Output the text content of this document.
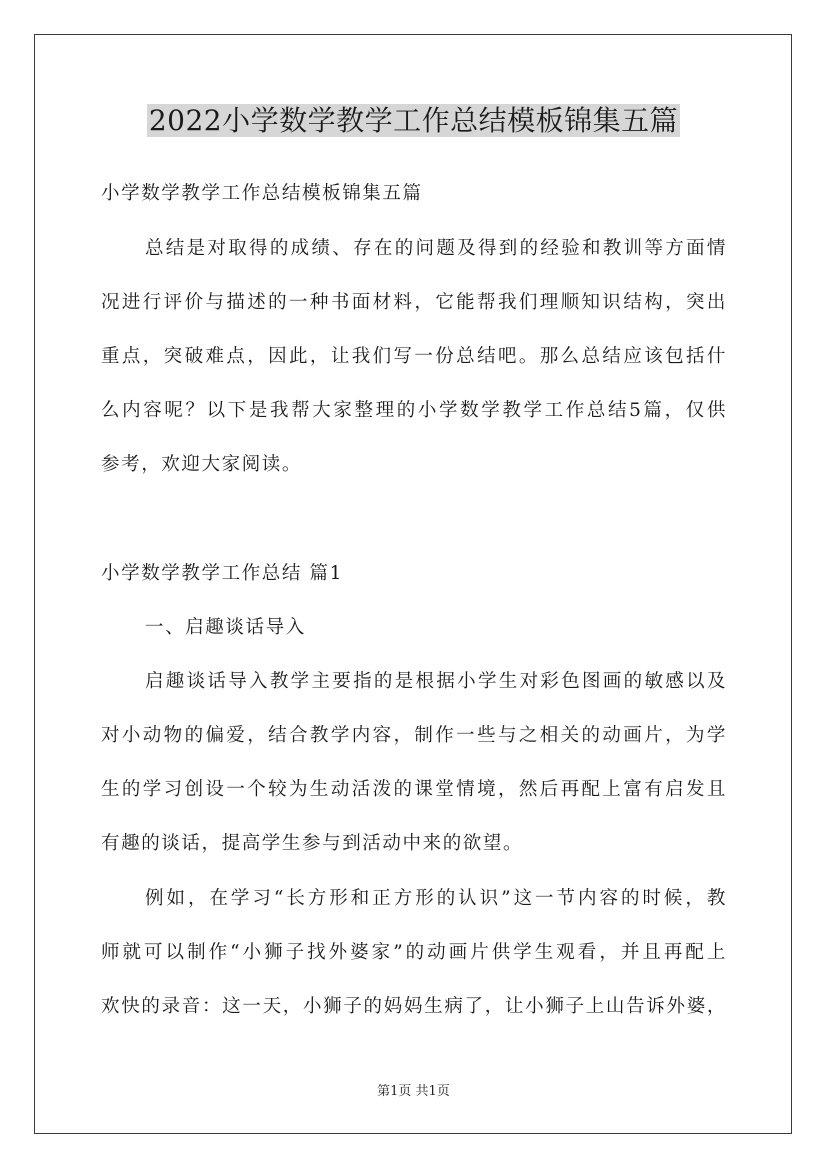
2022小学数学教学工作总结模板锦集五篇
小学数学教学工作总结模板锦集五篇
总结是对取得的成绩、存在的问题及得到的经验和教训等方面情
况进行评价与描述的一种书面材料，它能帮我们理顺知识结构，突出
重点，突破难点，因此，让我们写一份总结吧。那么总结应该包括什
么内容呢？以下是我帮大家整理的小学数学教学工作总结5篇，仅供
参考，欢迎大家阅读。
小学数学教学工作总结 篇1
一、启趣谈话导入
启趣谈话导入教学主要指的是根据小学生对彩色图画的敏感以及
对小动物的偏爱，结合教学内容，制作一些与之相关的动画片，为学
生的学习创设一个较为生动活泼的课堂情境，然后再配上富有启发且
有趣的谈话，提高学生参与到活动中来的欲望。
例如，在学习“长方形和正方形的认识”这一节内容的时候，教
师就可以制作“小狮子找外婆家”的动画片供学生观看，并且再配上
欢快的录音：这一天，小狮子的妈妈生病了，让小狮子上山告诉外婆，
第1页 共1页
